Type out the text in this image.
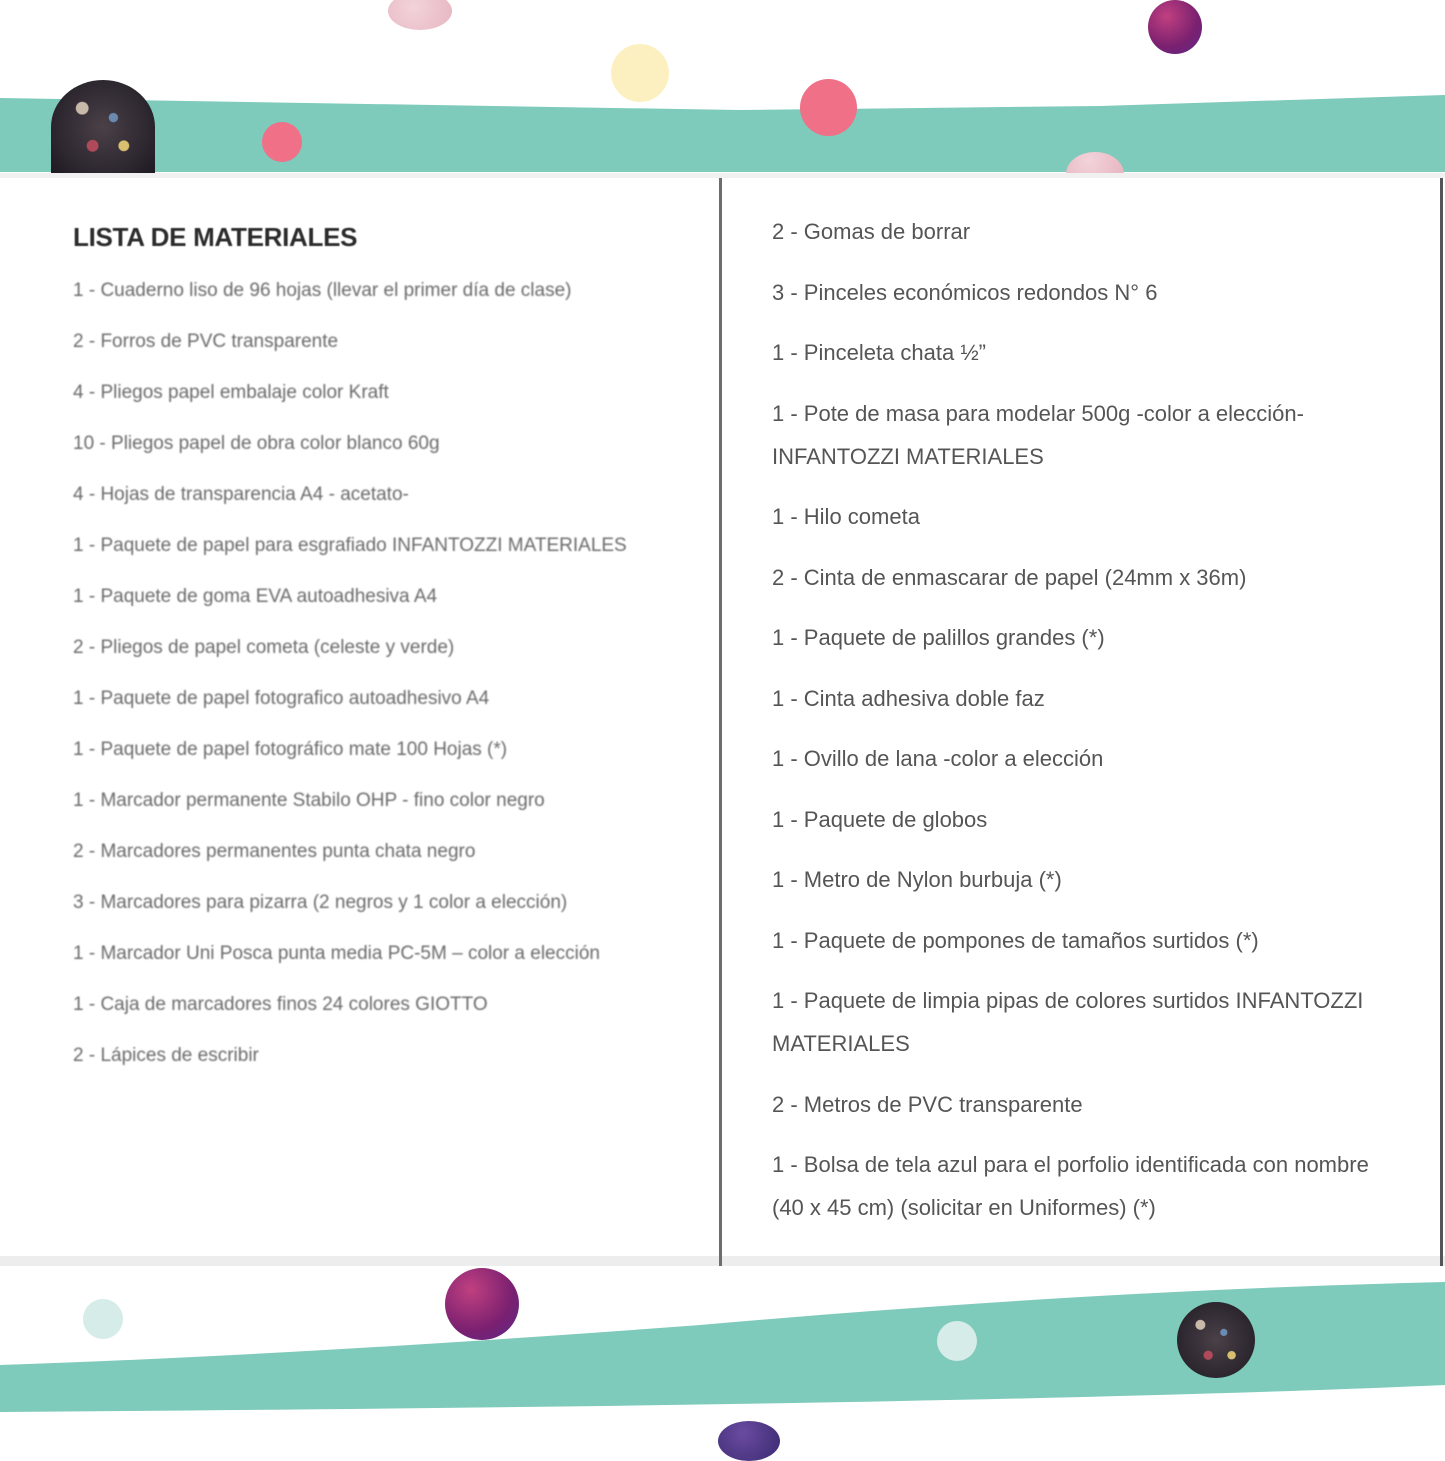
LISTA DE MATERIALES
1 - Cuaderno liso de 96 hojas (llevar el primer día de clase)
2 - Forros de PVC transparente
4 - Pliegos papel embalaje color Kraft
10 - Pliegos papel de obra color blanco 60g
4 - Hojas de transparencia A4 - acetato-
1 - Paquete de papel para esgrafiado INFANTOZZI MATERIALES
1 - Paquete de goma EVA autoadhesiva A4
2 - Pliegos de papel cometa (celeste y verde)
1 - Paquete de papel fotografico autoadhesivo A4
1 - Paquete de papel fotográfico mate 100 Hojas (*)
1 - Marcador permanente Stabilo OHP - fino color negro
2 - Marcadores permanentes punta chata negro
3 - Marcadores para pizarra (2 negros y 1 color a elección)
1 - Marcador Uni Posca punta media PC-5M – color a elección
1 - Caja de marcadores finos 24 colores GIOTTO
2 - Lápices de escribir
2 - Gomas de borrar
3 - Pinceles económicos redondos N° 6
1 - Pinceleta chata ½”
1 - Pote de masa para modelar 500g -color a elección- INFANTOZZI MATERIALES
1 - Hilo cometa
2 - Cinta de enmascarar de papel (24mm x 36m)
1 - Paquete de palillos grandes (*)
1 - Cinta adhesiva doble faz
1 - Ovillo de lana -color a elección
1 - Paquete de globos
1 - Metro de Nylon burbuja (*)
1 - Paquete de pompones de tamaños surtidos (*)
1 - Paquete de limpia pipas de colores surtidos INFANTOZZI MATERIALES
2 - Metros de PVC transparente
1 - Bolsa de tela azul para el porfolio identificada con nombre (40 x 45 cm) (solicitar en Uniformes) (*)
